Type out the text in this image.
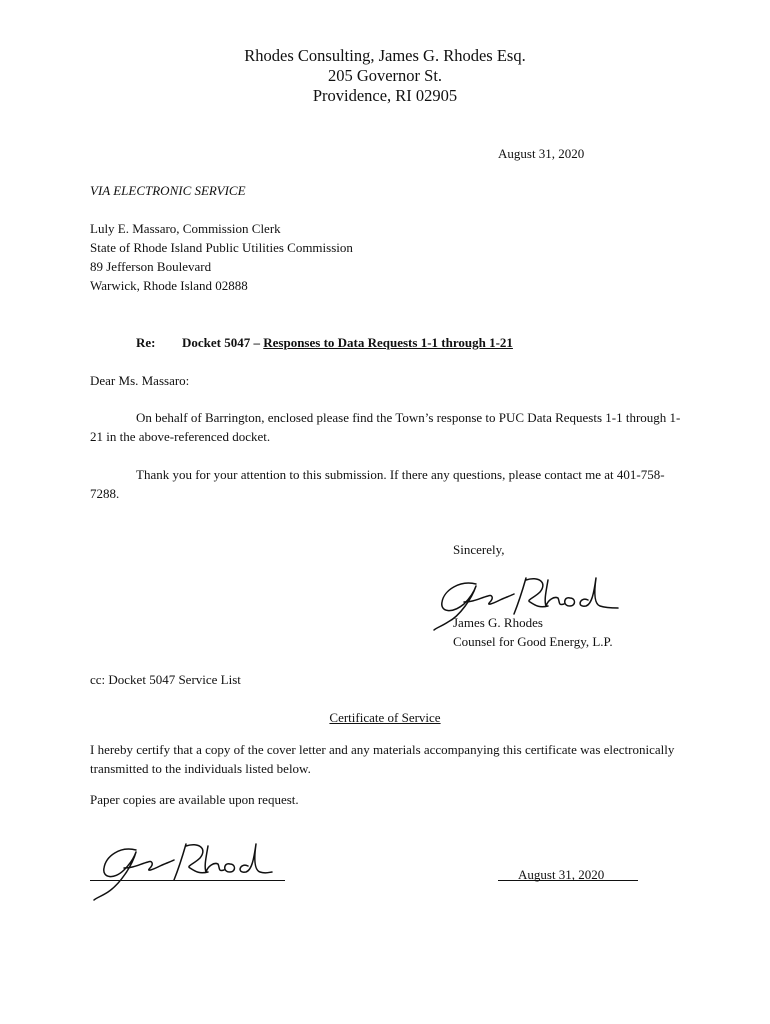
Rhodes Consulting, James G. Rhodes Esq.
205 Governor St.
Providence, RI 02905
August 31, 2020
VIA ELECTRONIC SERVICE
Luly E. Massaro, Commission Clerk
State of Rhode Island Public Utilities Commission
89 Jefferson Boulevard
Warwick, Rhode Island 02888
Re: Docket 5047 – Responses to Data Requests 1-1 through 1-21
Dear Ms. Massaro:
On behalf of Barrington, enclosed please find the Town’s response to PUC Data Requests 1-1 through 1-21 in the above-referenced docket.
Thank you for your attention to this submission. If there any questions, please contact me at 401-758-7288.
Sincerely,
James G. Rhodes
Counsel for Good Energy, L.P.
cc: Docket 5047 Service List
Certificate of Service
I hereby certify that a copy of the cover letter and any materials accompanying this certificate was electronically transmitted to the individuals listed below.
Paper copies are available upon request.
August 31, 2020
